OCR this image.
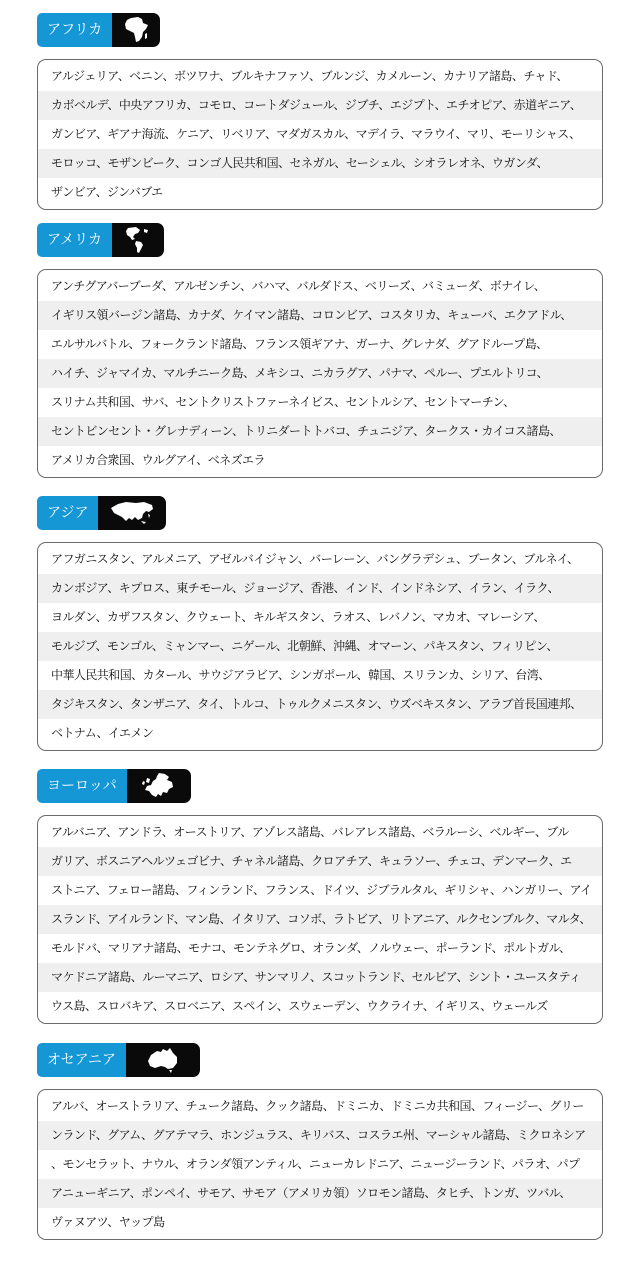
アフリカ
アルジェリア、ベニン、ボツワナ、ブルキナファソ、ブルンジ、カメルーン、カナリア諸島、チャド、
カボベルデ、中央アフリカ、コモロ、コートダジュール、ジブチ、エジプト、エチオピア、赤道ギニア、
ガンビア、ギアナ海流、ケニア、リベリア、マダガスカル、マデイラ、マラウイ、マリ、モーリシャス、
モロッコ、モザンビーク、コンゴ人民共和国、セネガル、セーシェル、シオラレオネ、ウガンダ、
ザンビア、ジンバブエ
アメリカ
アンチグアバーブーダ、アルゼンチン、バハマ、バルダドス、ベリーズ、バミューダ、ボナイレ、
イギリス領バージン諸島、カナダ、ケイマン諸島、コロンビア、コスタリカ、キューバ、エクアドル、
エルサルバトル、フォークランド諸島、フランス領ギアナ、ガーナ、グレナダ、グアドループ島、
ハイチ、ジャマイカ、マルチニーク島、メキシコ、ニカラグア、パナマ、ペルー、プエルトリコ、
スリナム共和国、サバ、セントクリストファーネイビス、セントルシア、セントマーチン、
セントビンセント・グレナディーン、トリニダートトバコ、チュニジア、タークス・カイコス諸島、
アメリカ合衆国、ウルグアイ、ベネズエラ
アジア
アフガニスタン、アルメニア、アゼルバイジャン、バーレーン、バングラデシュ、ブータン、ブルネイ、
カンボジア、キプロス、東チモール、ジョージア、香港、インド、インドネシア、イラン、イラク、
ヨルダン、カザフスタン、クウェート、キルギスタン、ラオス、レバノン、マカオ、マレーシア、
モルジブ、モンゴル、ミャンマー、ニゲール、北朝鮮、沖縄、オマーン、パキスタン、フィリピン、
中華人民共和国、カタール、サウジアラビア、シンガポール、韓国、スリランカ、シリア、台湾、
タジキスタン、タンザニア、タイ、トルコ、トゥルクメニスタン、ウズベキスタン、アラブ首長国連邦、
ベトナム、イエメン
ヨーロッパ
アルバニア、アンドラ、オーストリア、アゾレス諸島、バレアレス諸島、ベラルーシ、ベルギー、ブル
ガリア、ボスニアヘルツェゴビナ、チャネル諸島、クロアチア、キュラソー、チェコ、デンマーク、エ
ストニア、フェロー諸島、フィンランド、フランス、ドイツ、ジブラルタル、ギリシャ、ハンガリー、アイ
スランド、アイルランド、マン島、イタリア、コソボ、ラトビア、リトアニア、ルクセンブルク、マルタ、
モルドバ、マリアナ諸島、モナコ、モンテネグロ、オランダ、ノルウェー、ポーランド、ポルトガル、
マケドニア諸島、ルーマニア、ロシア、サンマリノ、スコットランド、セルビア、シント・ユースタティ
ウス島、スロバキア、スロベニア、スペイン、スウェーデン、ウクライナ、イギリス、ウェールズ
オセアニア
アルバ、オーストラリア、チューク諸島、クック諸島、ドミニカ、ドミニカ共和国、フィージー、グリー
ンランド、グアム、グアテマラ、ホンジュラス、キリバス、コスラエ州、マーシャル諸島、ミクロネシア
、モンセラット、ナウル、オランダ領アンティル、ニューカレドニア、ニュージーランド、パラオ、パプ
アニューギニア、ポンペイ、サモア、サモア（アメリカ領）ソロモン諸島、タヒチ、トンガ、ツバル、
ヴァヌアツ、ヤップ島
